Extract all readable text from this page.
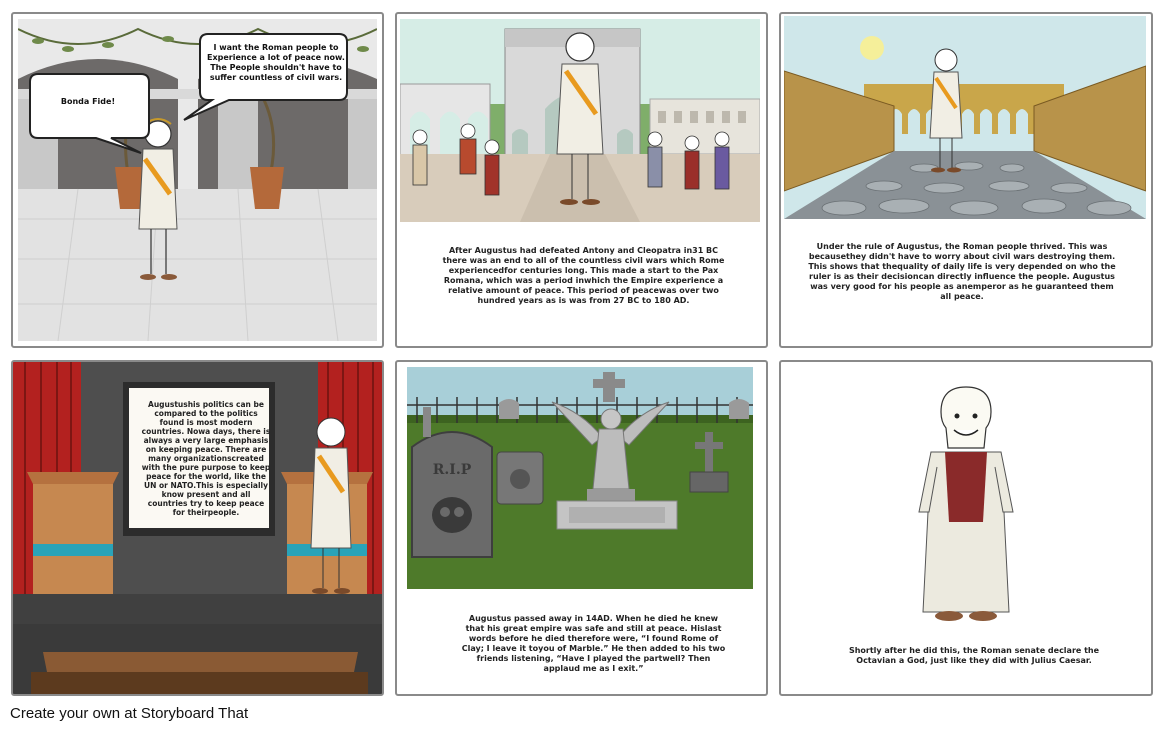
Bonda Fide!
I want the Roman people to Experience a lot of peace now. The People shouldn't have to suffer countless of civil wars.
After Augustus had defeated Antony and Cleopatra in31 BC there was an end to all of the countless civil wars which Rome experiencedfor centuries long. This made a start to the Pax Romana, which was a period inwhich the Empire experience a relative amount of peace. This period of peacewas over two hundred years as is was from 27 BC to 180 AD.
Under the rule of Augustus, the Roman people thrived. This was becausethey didn't have to worry about civil wars destroying them. This shows that thequality of daily life is very depended on who the ruler is as their decisioncan directly influence the people. Augustus was very good for his people as anemperor as he guaranteed them all peace.
Augustushis politics can be compared to the politics found is most modern countries. Nowa days, there is always a very large emphasis on keeping peace. There are many organizationscreated with the pure purpose to keep peace for the world, like the UN or NATO.This is especially know present and all countries try to keep peace for theirpeople.
R.I.P
Augustus passed away in 14AD. When he died he knew that his great empire was safe and still at peace. Hislast words before he died therefore were, “I found Rome of Clay; I leave it toyou of Marble.” He then added to his two friends listening, “Have I played the partwell? Then applaud me as I exit.”
Shortly after he did this, the Roman senate declare the Octavian a God, just like they did with Julius Caesar.
Create your own at Storyboard That
